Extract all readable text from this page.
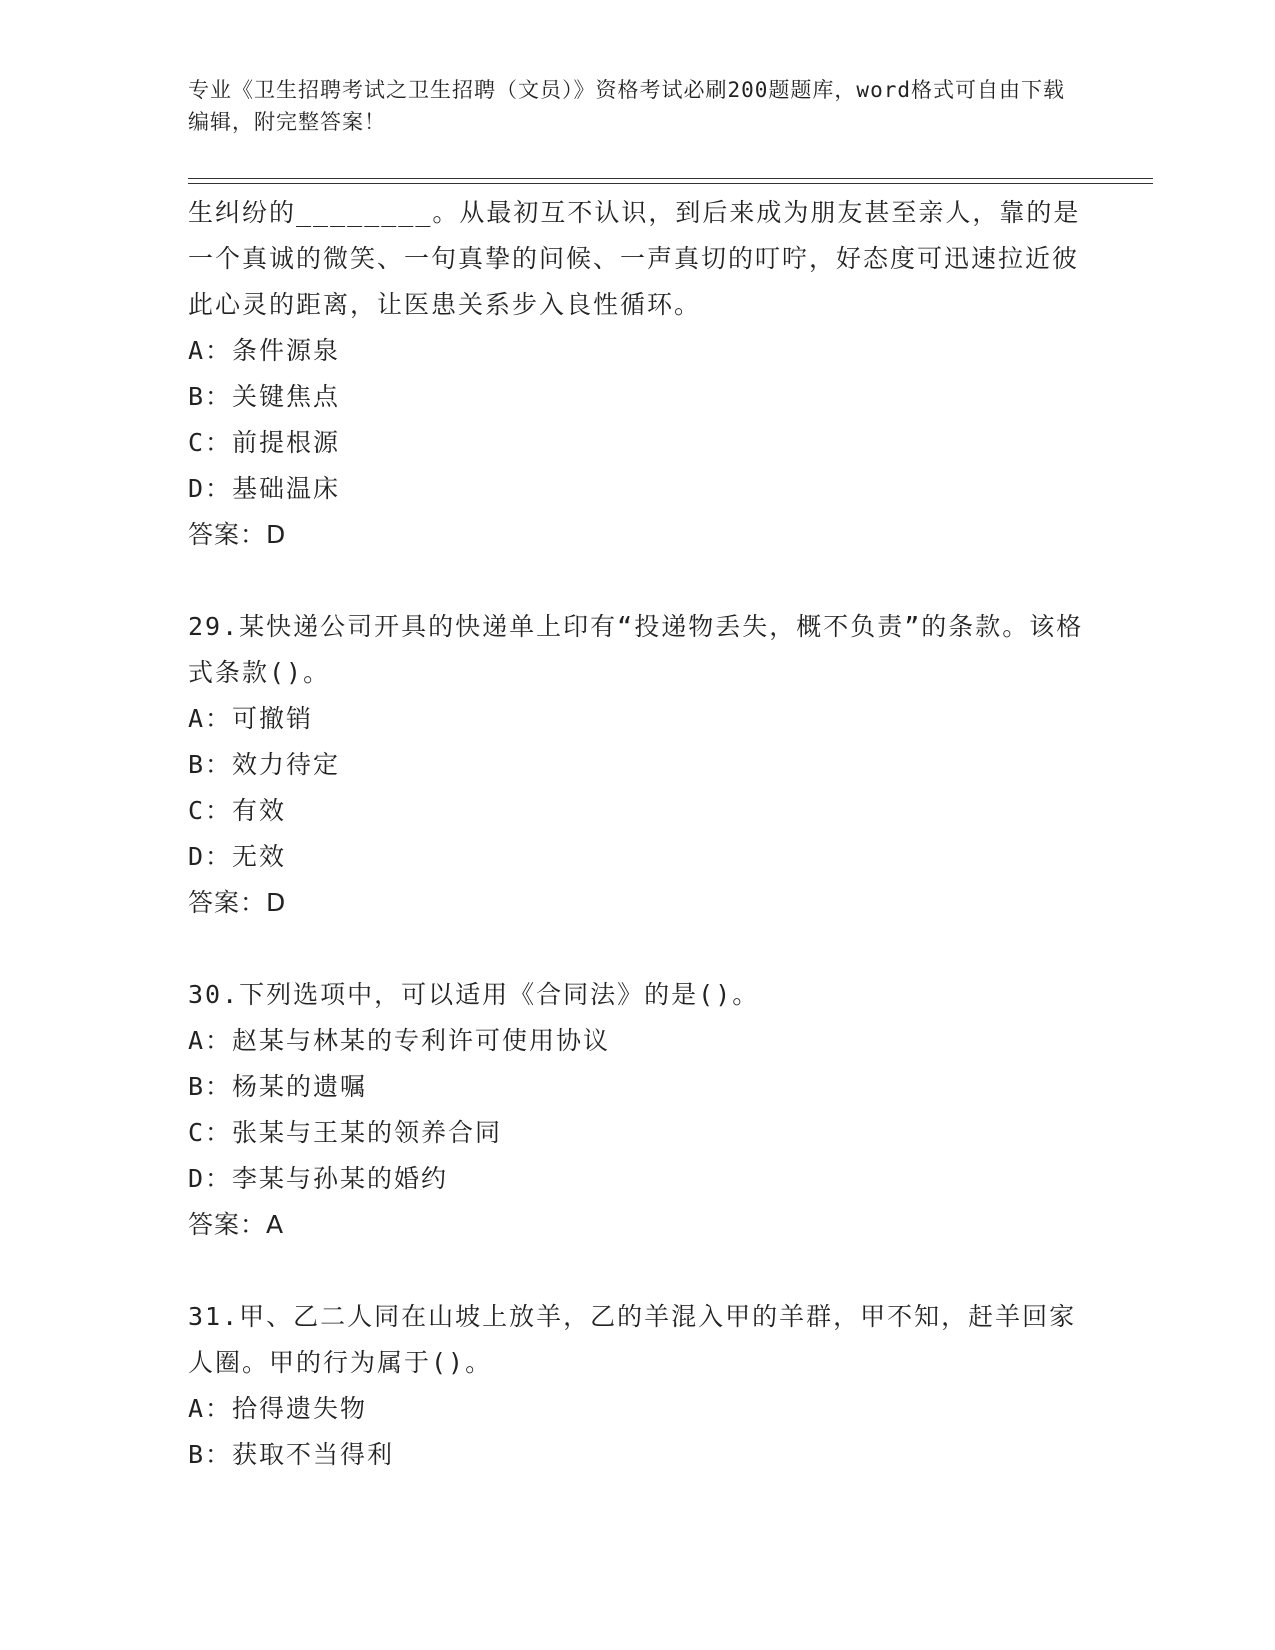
专业《卫生招聘考试之卫生招聘（文员）》资格考试必刷200题题库，word格式可自由下载编辑，附完整答案！

生纠纷的________。从最初互不认识，到后来成为朋友甚至亲人，靠的是一个真诚的微笑、一句真挚的问候、一声真切的叮咛，好态度可迅速拉近彼此心灵的距离，让医患关系步入良性循环。

A：条件源泉
B：关键焦点
C：前提根源
D：基础温床
答案：D

29.某快递公司开具的快递单上印有“投递物丢失，概不负责”的条款。该格式条款()。

A：可撤销
B：效力待定
C：有效
D：无效
答案：D

30.下列选项中，可以适用《合同法》的是()。

A：赵某与林某的专利许可使用协议
B：杨某的遗嘱
C：张某与王某的领养合同
D：李某与孙某的婚约
答案：A

31.甲、乙二人同在山坡上放羊，乙的羊混入甲的羊群，甲不知，赶羊回家人圈。甲的行为属于()。

A：拾得遗失物
B：获取不当得利
